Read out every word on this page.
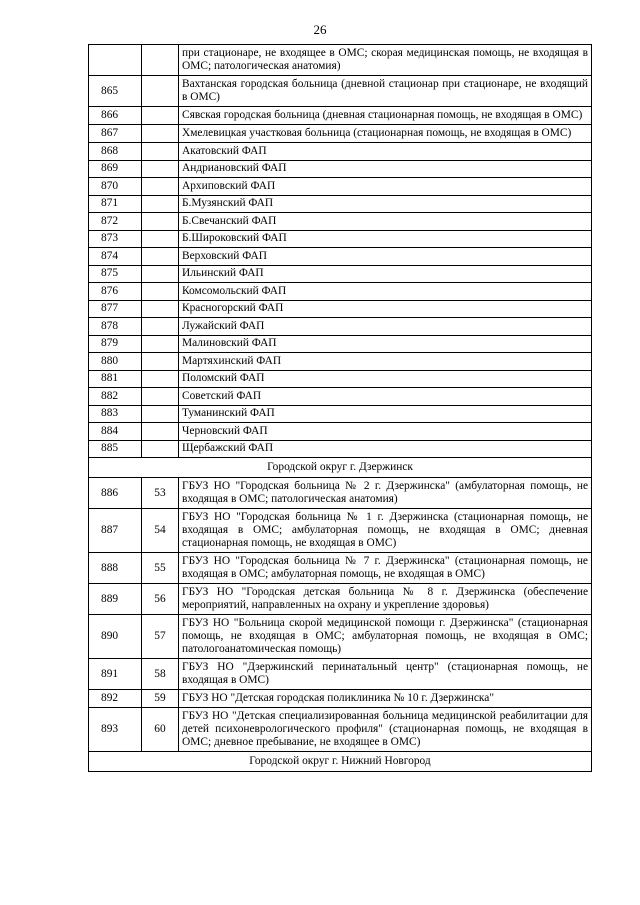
26
		при стационаре, не входящее в ОМС; скорая медицинская помощь, не входящая в ОМС; патологическая анатомия)
865		Вахтанская городская больница (дневной стационар при стационаре, не входящий в ОМС)
866		Сявская городская больница (дневная стационарная помощь, не входящая в ОМС)
867		Хмелевицкая участковая больница (стационарная помощь, не входящая в ОМС)
868		Акатовский ФАП
869		Андриановский ФАП
870		Архиповский ФАП
871		Б.Музянский ФАП
872		Б.Свечанский ФАП
873		Б.Широковский ФАП
874		Верховский ФАП
875		Ильинский ФАП
876		Комсомольский ФАП
877		Красногорский ФАП
878		Лужайский ФАП
879		Малиновский ФАП
880		Мартяхинский ФАП
881		Поломский ФАП
882		Советский ФАП
883		Туманинский ФАП
884		Черновский ФАП
885		Щербажский ФАП
Городской округ г. Дзержинск		
886	53	ГБУЗ НО "Городская больница № 2 г. Дзержинска" (амбулаторная помощь, не входящая в ОМС; патологическая анатомия)
887	54	ГБУЗ НО "Городская больница № 1 г. Дзержинска (стационарная помощь, не входящая в ОМС; амбулаторная помощь, не входящая в ОМС; дневная стационарная помощь, не входящая в ОМС)
888	55	ГБУЗ НО "Городская больница № 7 г. Дзержинска" (стационарная помощь, не входящая в ОМС; амбулаторная помощь, не входящая в ОМС)
889	56	ГБУЗ НО "Городская детская больница № 8 г. Дзержинска (обеспечение мероприятий, направленных на охрану и укрепление здоровья)
890	57	ГБУЗ НО "Больница скорой медицинской помощи г. Дзержинска" (стационарная помощь, не входящая в ОМС; амбулаторная помощь, не входящая в ОМС; патологоанатомическая помощь)
891	58	ГБУЗ НО "Дзержинский перинатальный центр" (стационарная помощь, не входящая в ОМС)
892	59	ГБУЗ НО "Детская городская поликлиника № 10 г. Дзержинска"
893	60	ГБУЗ НО "Детская специализированная больница медицинской реабилитации для детей психоневрологического профиля" (стационарная помощь, не входящая в ОМС; дневное пребывание, не входящее в ОМС)
Городской округ г. Нижний Новгород		
